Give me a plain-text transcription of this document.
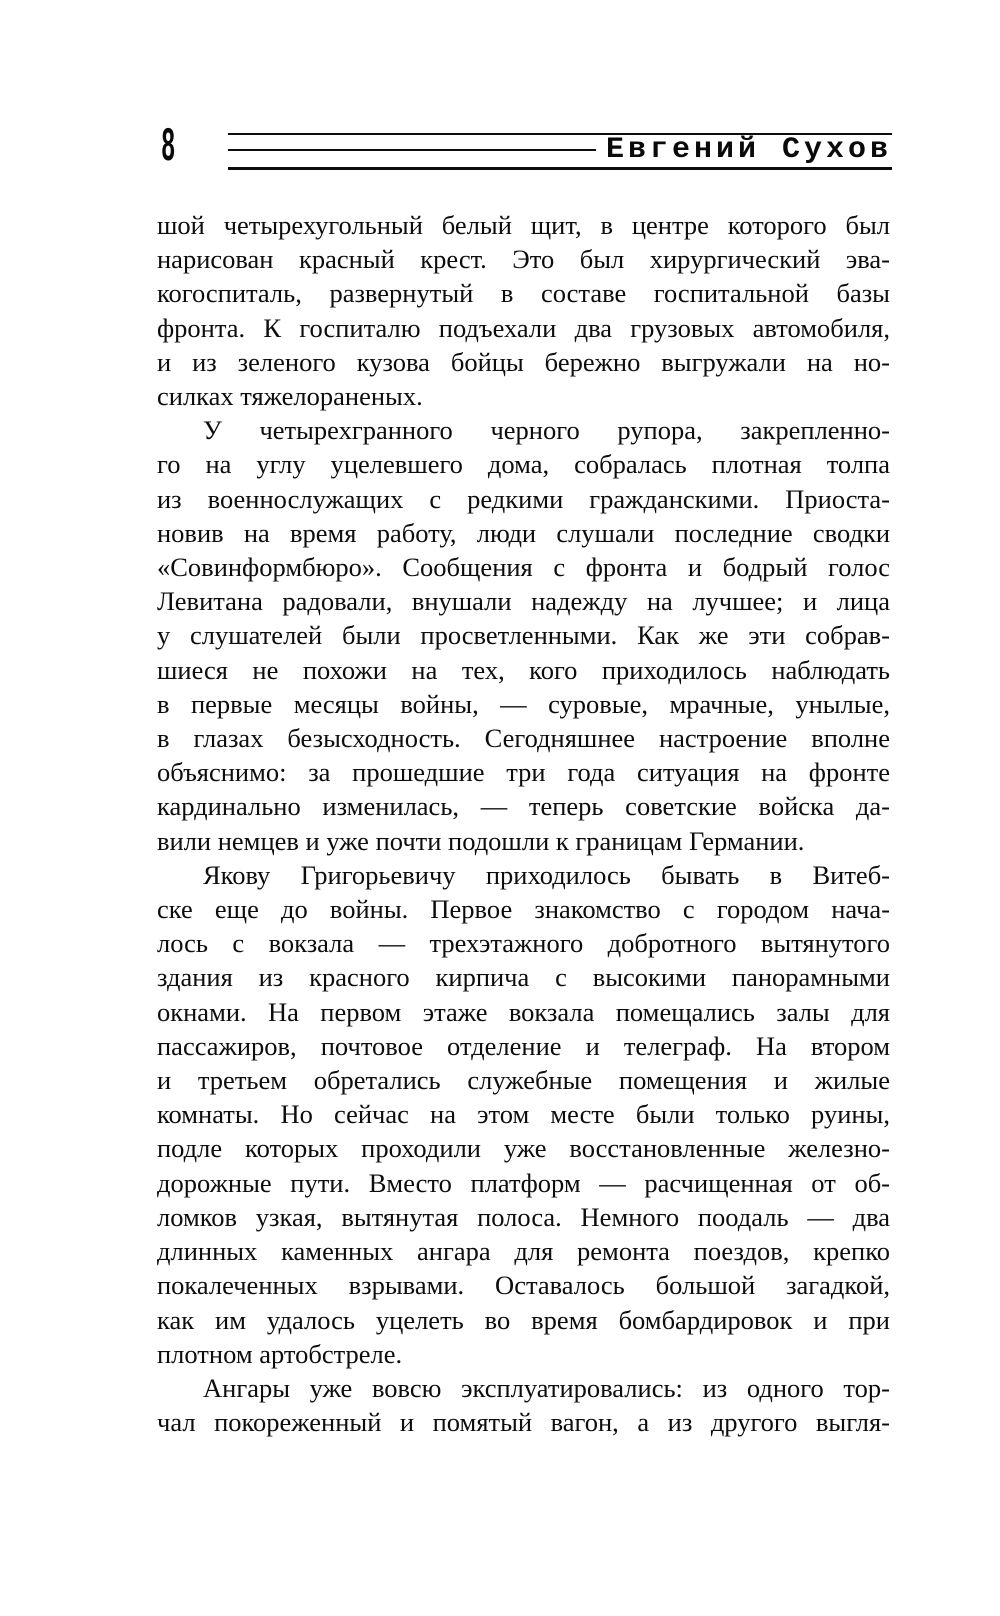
8	Евгений Сухов
шой четырехугольный белый щит, в центре которого был
нарисован красный крест. Это был хирургический эва-
когоспиталь, развернутый в составе госпитальной базы
фронта. К госпиталю подъехали два грузовых автомобиля,
и из зеленого кузова бойцы бережно выгружали на но-
силках тяжелораненых.
У четырехгранного черного рупора, закрепленно-
го на углу уцелевшего дома, собралась плотная толпа
из военнослужащих с редкими гражданскими. Приоста-
новив на время работу, люди слушали последние сводки
«Совинформбюро». Сообщения с фронта и бодрый голос
Левитана радовали, внушали надежду на лучшее; и лица
у слушателей были просветленными. Как же эти собрав-
шиеся не похожи на тех, кого приходилось наблюдать
в первые месяцы войны, — суровые, мрачные, унылые,
в глазах безысходность. Сегодняшнее настроение вполне
объяснимо: за прошедшие три года ситуация на фронте
кардинально изменилась, — теперь советские войска да-
вили немцев и уже почти подошли к границам Германии.
Якову Григорьевичу приходилось бывать в Витеб-
ске еще до войны. Первое знакомство с городом нача-
лось с вокзала — трехэтажного добротного вытянутого
здания из красного кирпича с высокими панорамными
окнами. На первом этаже вокзала помещались залы для
пассажиров, почтовое отделение и телеграф. На втором
и третьем обретались служебные помещения и жилые
комнаты. Но сейчас на этом месте были только руины,
подле которых проходили уже восстановленные железно-
дорожные пути. Вместо платформ — расчищенная от об-
ломков узкая, вытянутая полоса. Немного поодаль — два
длинных каменных ангара для ремонта поездов, крепко
покалеченных взрывами. Оставалось большой загадкой,
как им удалось уцелеть во время бомбардировок и при
плотном артобстреле.
Ангары уже вовсю эксплуатировались: из одного тор-
чал покореженный и помятый вагон, а из другого выгля-
